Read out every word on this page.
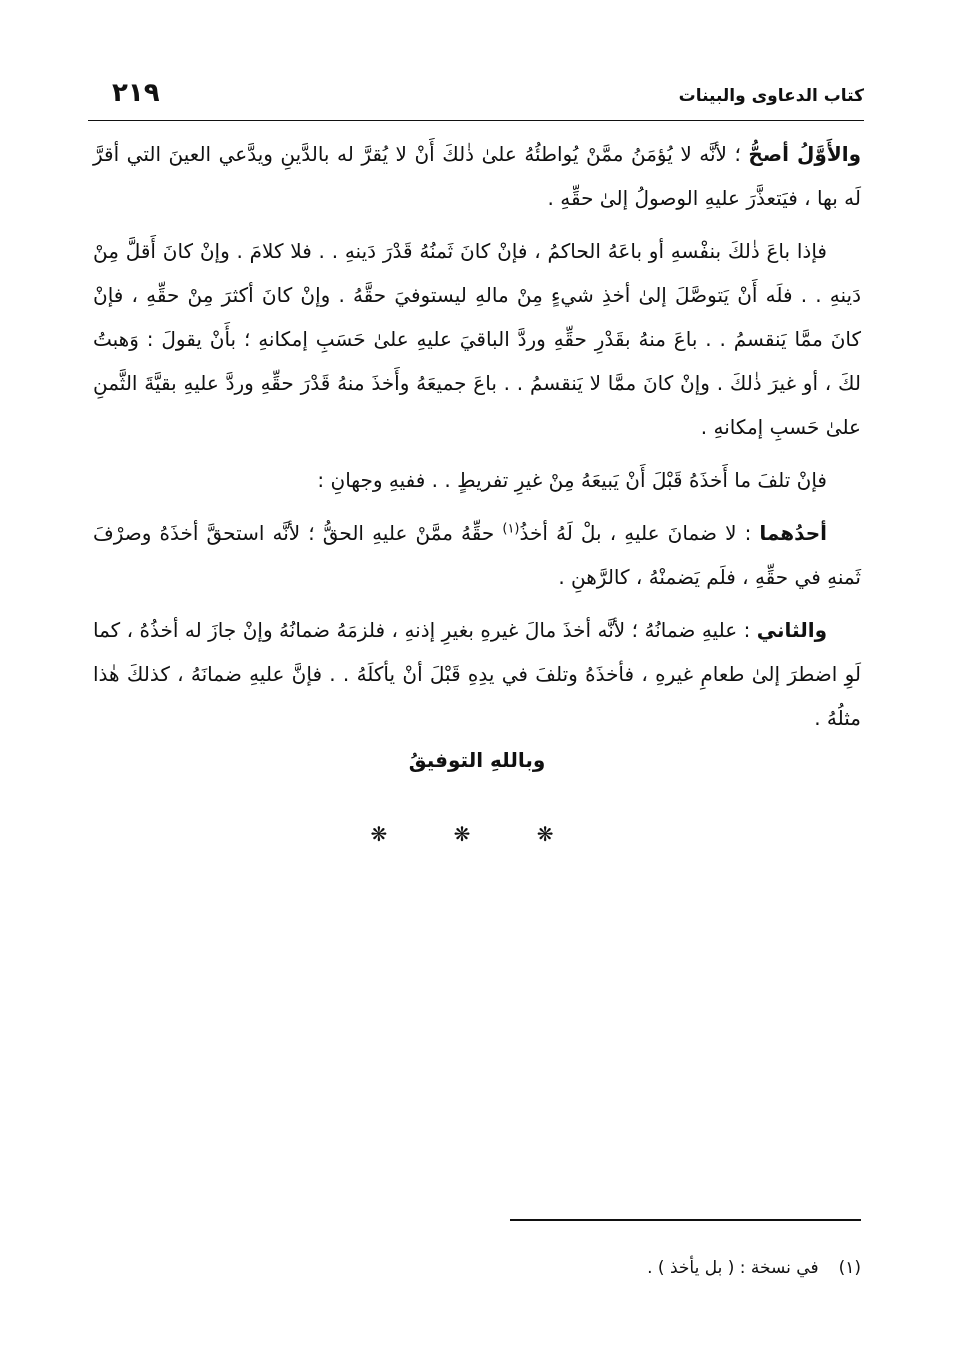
كتاب الدعاوى والبينات
٢١٩

والأَوَّلُ أصحُّ ؛ لأنَّه لا يُؤمَنُ ممَّنْ يُواطئُهُ علىٰ ذٰلكَ أَنْ لا يُقرَّ له بالدَّينِ ويدَّعي العينَ التي أقرَّ لَه بها ، فيَتعذَّرَ عليهِ الوصولُ إلىٰ حقِّهِ .

فإذا باعَ ذٰلكَ بنفْسهِ أو باعَهُ الحاكمُ ، فإنْ كانَ ثَمنُهُ قَدْرَ دَينهِ . . فلا كلامَ . وإنْ كانَ أَقلَّ مِنْ دَينهِ . . فلَه أَنْ يَتوصَّلَ إلىٰ أخذِ شيءٍ مِنْ مالهِ ليستوفيَ حقَّهُ . وإنْ كانَ أكثرَ مِنْ حقِّهِ ، فإنْ كانَ ممَّا يَنقسمُ . . باعَ منهُ بقَدْرِ حقِّهِ وردَّ الباقيَ عليهِ علىٰ حَسَبِ إمكانهِ ؛ بأَنْ يقولَ : وَهبتُ لكَ ، أو غيرَ ذٰلكَ . وإنْ كانَ ممَّا لا يَنقسمُ . . باعَ جميعَهُ وأَخذَ منهُ قَدْرَ حقِّهِ وردَّ عليهِ بقيَّةَ الثَّمنِ علىٰ حَسبِ إمكانهِ .

فإنْ تلفَ ما أَخذَهُ قَبْلَ أَنْ يَبيعَهُ مِنْ غيرِ تفريطٍ . . ففيهِ وجهانِ :

أحدُهما : لا ضمانَ عليهِ ، بلْ لَهُ أخذُ$^{(١)}$ حقِّهُ ممَّنْ عليهِ الحقُّ ؛ لأنَّه استحقَّ أخذَهُ وصرْفَ ثَمنهِ في حقِّهِ ، فلَم يَضمنْهُ ، كالرَّهنِ .

والثاني : عليهِ ضمانُهُ ؛ لأنَّه أخذَ مالَ غيرهِ بغيرِ إذنهِ ، فلزمَهُ ضمانُهُ وإنْ جازَ له أخذُهُ ، كما لَوِ اضطرَ إلىٰ طعامِ غيرهِ ، فأخذَهُ وتلفَ في يدِهِ قَبْلَ أنْ يأكلَهُ . . فإنَّ عليهِ ضمانَهُ ، كذلكَ هٰذا مثلُهُ .

وباللهِ التوفيقُ
❋ ❋ ❋
(١)في نسخة : ( بل يأخذ ) .
